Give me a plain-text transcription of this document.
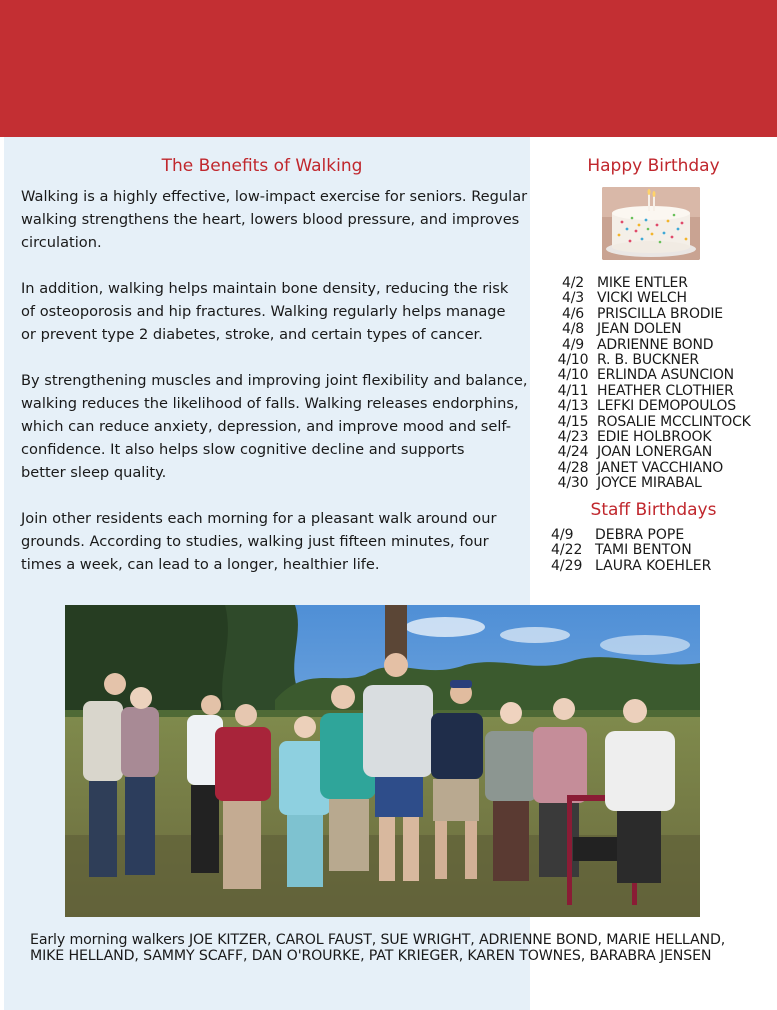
The Benefits of Walking

Walking is a highly effective, low-impact exercise for seniors. Regular
walking strengthens the heart, lowers blood pressure, and improves
circulation.

In addition, walking helps maintain bone density, reducing the risk
of osteoporosis and hip fractures. Walking regularly helps manage
or prevent type 2 diabetes, stroke, and certain types of cancer.

By strengthening muscles and improving joint flexibility and balance,
walking reduces the likelihood of falls. Walking releases endorphins,
which can reduce anxiety, depression, and improve mood and self-
confidence. It also helps slow cognitive decline and supports
better sleep quality.

Join other residents each morning for a pleasant walk around our
grounds. According to studies, walking just fifteen minutes, four
times a week, can lead to a longer, healthier life.

Happy Birthday
4/2 MIKE ENTLER
4/3 VICKI WELCH
4/6 PRISCILLA BRODIE
4/8 JEAN DOLEN
4/9 ADRIENNE BOND
4/10 R. B. BUCKNER
4/10 ERLINDA ASUNCION
4/11 HEATHER CLOTHIER
4/13 LEFKI DEMOPOULOS
4/15 ROSALIE MCCLINTOCK
4/23 EDIE HOLBROOK
4/24 JOAN LONERGAN
4/28 JANET VACCHIANO
4/30 JOYCE MIRABAL
Staff Birthdays
4/9	DEBRA POPE
4/22 TAMI BENTON
4/29 LAURA KOEHLER
Early morning walkers JOE KITZER, CAROL FAUST, SUE WRIGHT, ADRIENNE BOND, MARIE HELLAND,
MIKE HELLAND, SAMMY SCAFF, DAN O'ROURKE, PAT KRIEGER, KAREN TOWNES, BARABRA JENSEN
